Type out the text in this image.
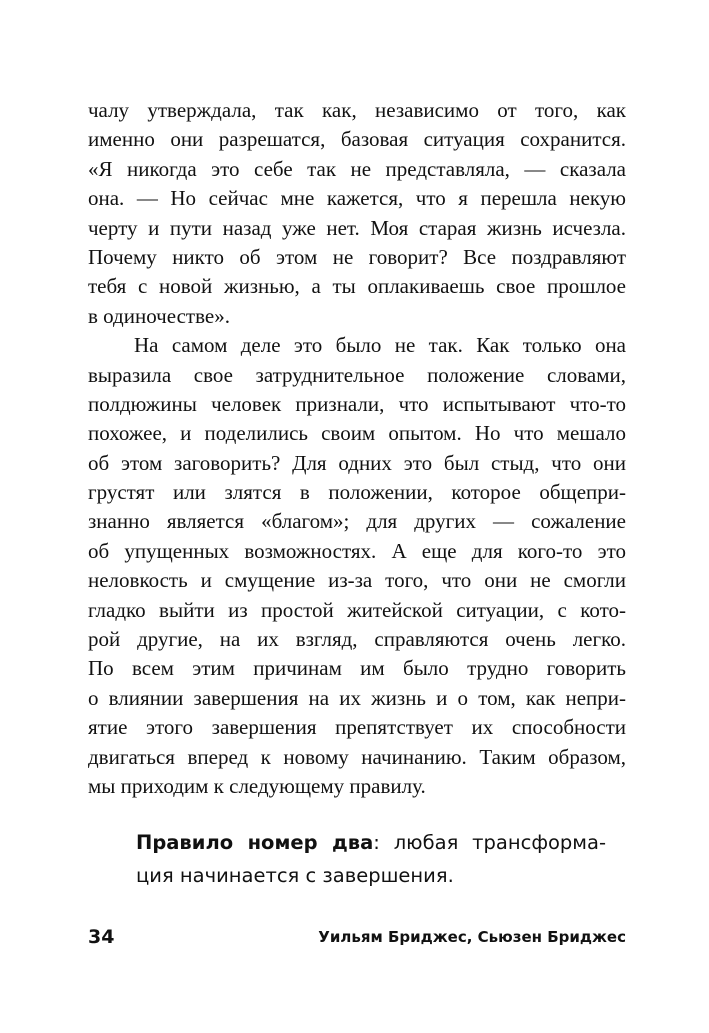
чалу утверждала, так как, независимо от того, как
именно они разрешатся, базовая ситуация сохранится.
«Я никогда это себе так не представляла, — сказала
она. — Но сейчас мне кажется, что я перешла некую
черту и пути назад уже нет. Моя старая жизнь исчезла.
Почему никто об этом не говорит? Все поздравляют
тебя с новой жизнью, а ты оплакиваешь свое прошлое
в одиночестве».
На самом деле это было не так. Как только она
выразила свое затруднительное положение словами,
полдюжины человек признали, что испытывают что-то
похожее, и поделились своим опытом. Но что мешало
об этом заговорить? Для одних это был стыд, что они
грустят или злятся в положении, которое общепри-
знанно является «благом»; для других — сожаление
об упущенных возможностях. А еще для кого-то это
неловкость и смущение из-за того, что они не смогли
гладко выйти из простой житейской ситуации, с кото-
рой другие, на их взгляд, справляются очень легко.
По всем этим причинам им было трудно говорить
о влиянии завершения на их жизнь и о том, как непри-
ятие этого завершения препятствует их способности
двигаться вперед к новому начинанию. Таким образом,
мы приходим к следующему правилу.
Правило номер два: любая трансформа-
ция начинается с завершения.
34	Уильям Бриджес, Сьюзен Бриджес
